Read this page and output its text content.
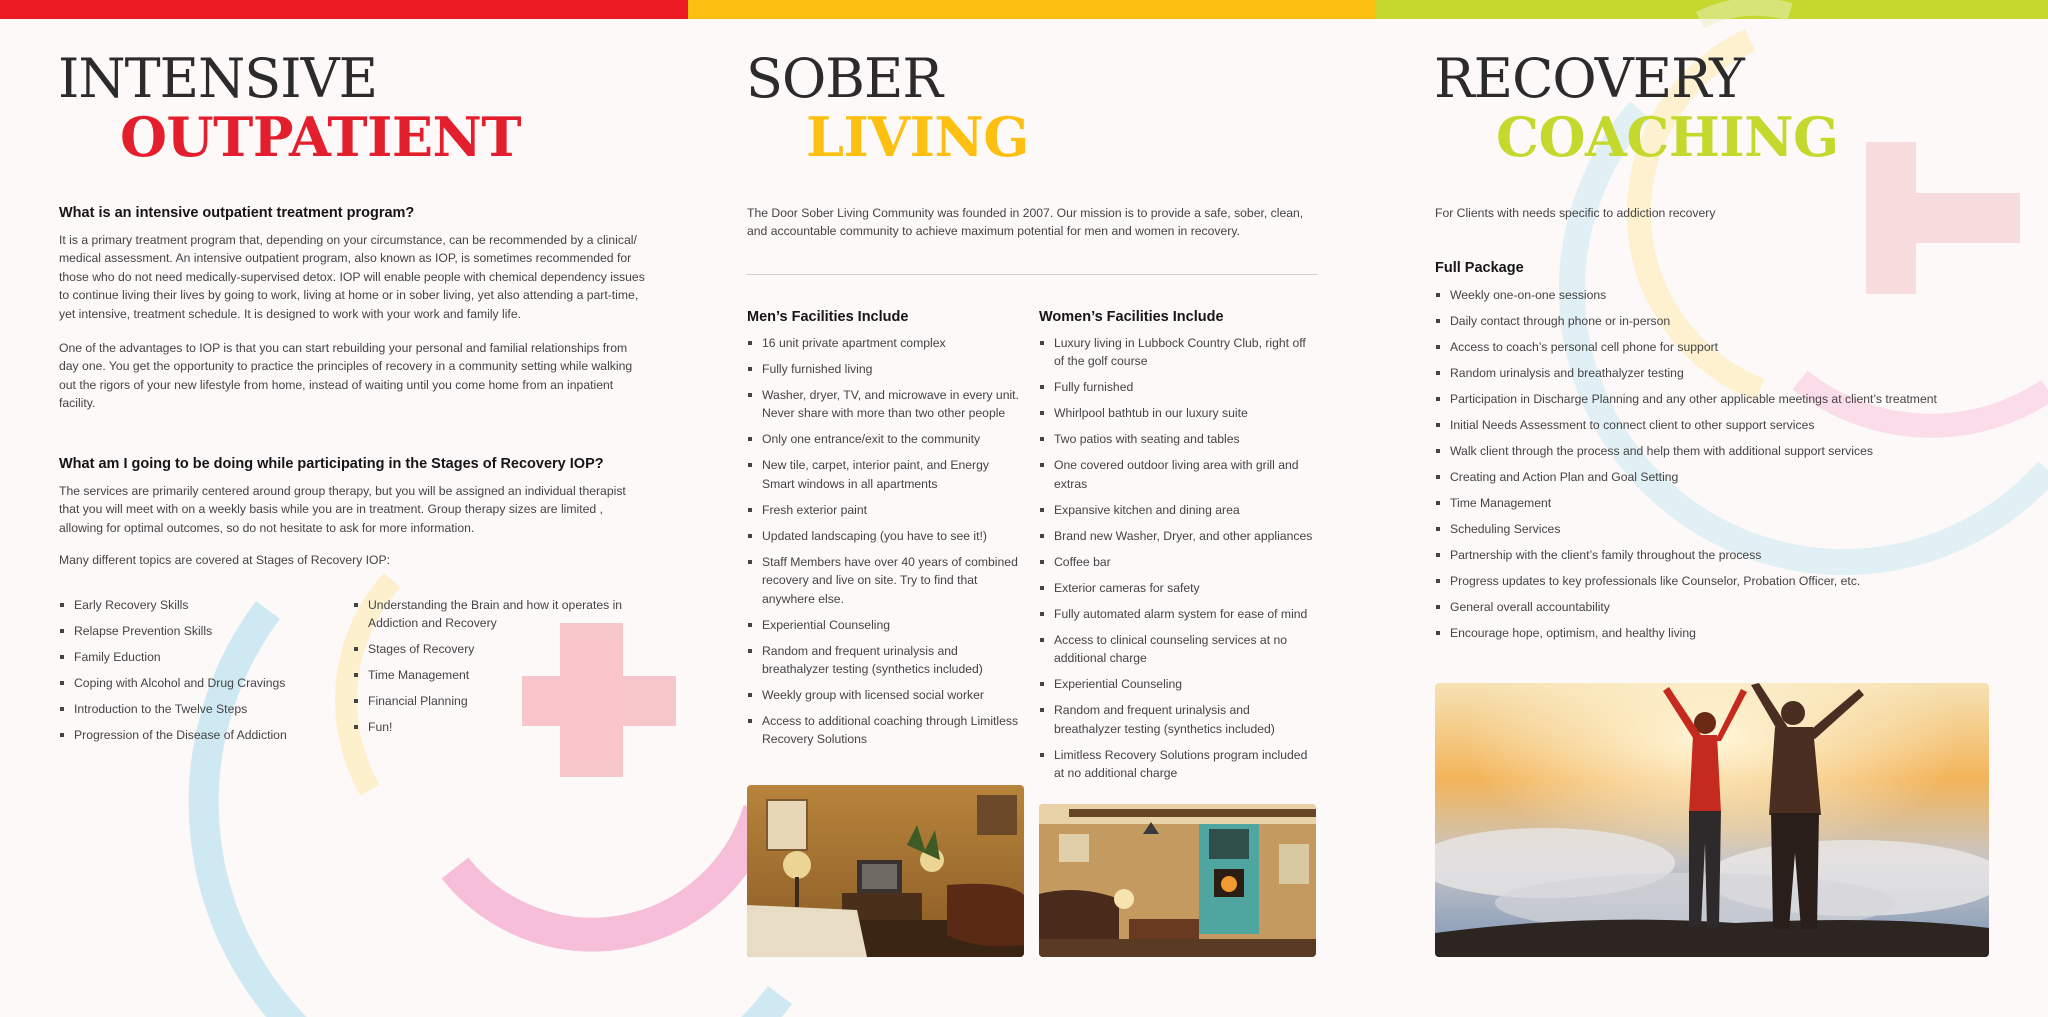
INTENSIVE
OUTPATIENT
What is an intensive outpatient treatment program?
It is a primary treatment program that, depending on your circumstance, can be recommended by a clinical/
medical assessment. An intensive outpatient program, also known as IOP, is sometimes recommended for
those who do not need medically-supervised detox. IOP will enable people with chemical dependency issues
to continue living their lives by going to work, living at home or in sober living, yet also attending a part-time,
yet intensive, treatment schedule. It is designed to work with your work and family life.
One of the advantages to IOP is that you can start rebuilding your personal and familial relationships from
day one. You get the opportunity to practice the principles of recovery in a community setting while walking
out the rigors of your new lifestyle from home, instead of waiting until you come home from an inpatient
facility.
What am I going to be doing while participating in the Stages of Recovery IOP?
The services are primarily centered around group therapy, but you will be assigned an individual therapist
that you will meet with on a weekly basis while you are in treatment. Group therapy sizes are limited ,
allowing for optimal outcomes, so do not hesitate to ask for more information.
Many different topics are covered at Stages of Recovery IOP:
Early Recovery Skills
Relapse Prevention Skills
Family Eduction
Coping with Alcohol and Drug Cravings
Introduction to the Twelve Steps
Progression of the Disease of Addiction
Understanding the Brain and how it operates in Addiction and Recovery
Stages of Recovery
Time Management
Financial Planning
Fun!
SOBER
LIVING
The Door Sober Living Community was founded in 2007. Our mission is to provide a safe, sober, clean,
and accountable community to achieve maximum potential for men and women in recovery.
Men’s Facilities Include
16 unit private apartment complex
Fully furnished living
Washer, dryer, TV, and microwave in every unit. Never share with more than two other people
Only one entrance/exit to the community
New tile, carpet, interior paint, and Energy Smart windows in all apartments
Fresh exterior paint
Updated landscaping (you have to see it!)
Staff Members have over 40 years of combined recovery and live on site. Try to find that anywhere else.
Experiential Counseling
Random and frequent urinalysis and breathalyzer testing (synthetics included)
Weekly group with licensed social worker
Access to additional coaching through Limitless Recovery Solutions
Women’s Facilities Include
Luxury living in Lubbock Country Club, right off of the golf course
Fully furnished
Whirlpool bathtub in our luxury suite
Two patios with seating and tables
One covered outdoor living area with grill and extras
Expansive kitchen and dining area
Brand new Washer, Dryer, and other appliances
Coffee bar
Exterior cameras for safety
Fully automated alarm system for ease of mind
Access to clinical counseling services at no additional charge
Experiential Counseling
Random and frequent urinalysis and breathalyzer testing (synthetics included)
Limitless Recovery Solutions program included at no additional charge
RECOVERY
COACHING
For Clients with needs specific to addiction recovery
Full Package
Weekly one-on-one sessions
Daily contact through phone or in-person
Access to coach’s personal cell phone for support
Random urinalysis and breathalyzer testing
Participation in Discharge Planning and any other applicable meetings at client’s treatment
Initial Needs Assessment to connect client to other support services
Walk client through the process and help them with additional support services
Creating and Action Plan and Goal Setting
Time Management
Scheduling Services
Partnership with the client’s family throughout the process
Progress updates to key professionals like Counselor, Probation Officer, etc.
General overall accountability
Encourage hope, optimism, and healthy living
